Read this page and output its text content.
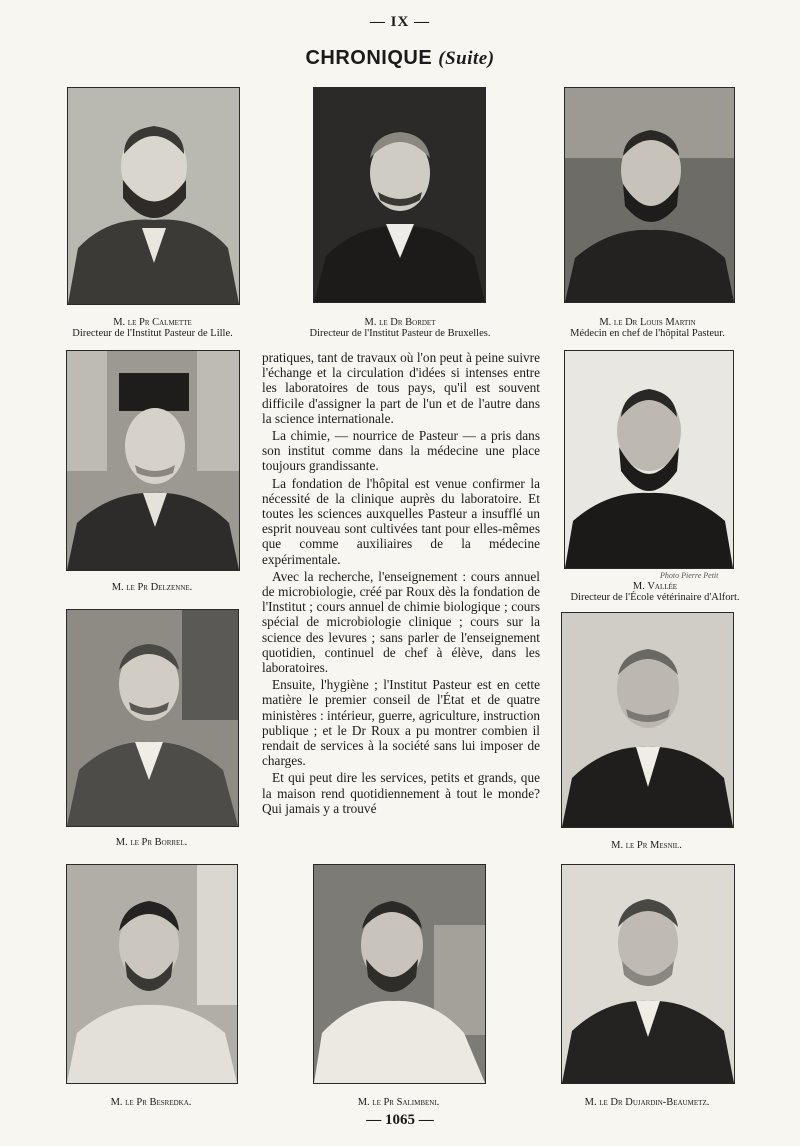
— IX —
CHRONIQUE (Suite)
M. le Pr Calmette
Directeur de l'Institut Pasteur de Lille.
M. le Dr Bordet
Directeur de l'Institut Pasteur de Bruxelles.
M. le Dr Louis Martin
Médecin en chef de l'hôpital Pasteur.
M. le Pr Delzenne.
Photo Pierre Petit
M. Vallée
Directeur de l'École vétérinaire d'Alfort.
M. le Pr Borrel.	M. le Pr Mesnil.

pratiques, tant de travaux où l'on peut à peine suivre l'échange et la circulation d'idées si intenses entre les laboratoires de tous pays, qu'il est souvent difficile d'assigner la part de l'un et de l'autre dans la science internationale.

La chimie, — nourrice de Pasteur — a pris dans son institut comme dans la médecine une place toujours grandissante.

La fondation de l'hôpital est venue confirmer la nécessité de la clinique auprès du laboratoire. Et toutes les sciences auxquelles Pasteur a insufflé un esprit nouveau sont cultivées tant pour elles-mêmes que comme auxiliaires de la médecine expérimentale.

Avec la recherche, l'enseignement : cours annuel de microbiologie, créé par Roux dès la fondation de l'Institut ; cours annuel de chimie biologique ; cours spécial de microbiologie clinique ; cours sur la science des levures ; sans parler de l'enseignement quotidien, continuel de chef à élève, dans les laboratoires.

Ensuite, l'hygiène ; l'Institut Pasteur est en cette matière le premier conseil de l'État et de quatre ministères : intérieur, guerre, agriculture, instruction publique ; et le Dr Roux a pu montrer combien il rendait de services à la société sans lui imposer de charges.

Et qui peut dire les services, petits et grands, que la maison rend quotidiennement à tout le monde? Qui jamais y a trouvé

M. le Pr Besredka.	M. le Pr Salimbeni.	M. le Dr Dujardin-Beaumetz.
— 1065 —
